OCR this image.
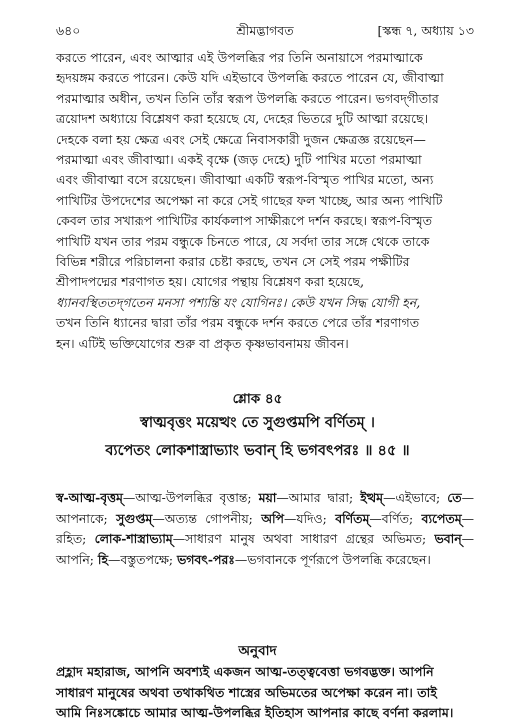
৬৪০	শ্রীমদ্ভাগবত	[স্কন্ধ ৭, অধ্যায় ১৩

করতে পারেন, এবং আত্মার এই উপলব্ধির পর তিনি অনায়াসে পরমাত্মাকে

হৃদয়ঙ্গম করতে পারেন। কেউ যদি এইভাবে উপলব্ধি করতে পারেন যে, জীবাত্মা

পরমাত্মার অধীন, তখন তিনি তাঁর স্বরূপ উপলব্ধি করতে পারেন। ভগবদ্‌গীতার

ত্রয়োদশ অধ্যায়ে বিশ্লেষণ করা হয়েছে যে, দেহের ভিতরে দুটি আত্মা রয়েছে।

দেহকে বলা হয় ক্ষেত্র এবং সেই ক্ষেত্রে নিবাসকারী দুজন ক্ষেত্রজ্ঞ রয়েছেন—

পরমাত্মা এবং জীবাত্মা। একই বৃক্ষে (জড় দেহে) দুটি পাখির মতো পরমাত্মা

এবং জীবাত্মা বসে রয়েছেন। জীবাত্মা একটি স্বরূপ-বিস্মৃত পাখির মতো, অন্য

পাখিটির উপদেশের অপেক্ষা না করে সেই গাছের ফল খাচ্ছে, আর অন্য পাখিটি

কেবল তার সখারূপ পাখিটির কার্যকলাপ সাক্ষীরূপে দর্শন করছে। স্বরূপ-বিস্মৃত

পাখিটি যখন তার পরম বন্ধুকে চিনতে পারে, যে সর্বদা তার সঙ্গে থেকে তাকে

বিভিন্ন শরীরে পরিচালনা করার চেষ্টা করছে, তখন সে সেই পরম পক্ষীটির

শ্রীপাদপদ্মের শরণাগত হয়। যোগের পন্থায় বিশ্লেষণ করা হয়েছে,

ধ্যানবস্থিততদ্‌গতেন মনসা পশ্যন্তি যং যোগিনঃ। কেউ যখন সিদ্ধ যোগী হন,

তখন তিনি ধ্যানের দ্বারা তাঁর পরম বন্ধুকে দর্শন করতে পেরে তাঁর শরণাগত

হন। এটিই ভক্তিযোগের শুরু বা প্রকৃত কৃষ্ণভাবনাময় জীবন।

শ্লোক ৪৫
স্বাত্মবৃত্তং ময়েত্থং তে সুগুপ্তমপি বর্ণিতম্‌ ।
ব্যপেতং লোকশাস্ত্রাভ্যাং ভবান্‌ হি ভগবৎপরঃ ॥ ৪৫ ॥

স্ব-আত্ম-বৃত্তম্‌—আত্ম-উপলব্ধির বৃত্তান্ত; ময়া—আমার দ্বারা; ইত্থম্‌—এইভাবে; তে—আপনাকে; সুগুপ্তম্‌—অত্যন্ত গোপনীয়; অপি—যদিও; বর্ণিতম্‌—বর্ণিত; ব্যপেতম্‌—রহিত; লোক-শাস্ত্রাভ্যাম্‌—সাধারণ মানুষ অথবা সাধারণ গ্রন্থের অভিমত; ভবান্‌—আপনি; হি—বস্তুতপক্ষে; ভগবৎ-পরঃ—ভগবানকে পূর্ণরূপে উপলব্ধি করেছেন।

অনুবাদ
প্রহ্লাদ মহারাজ, আপনি অবশ্যই একজন আত্ম-তত্ত্ববেত্তা ভগবদ্ভক্ত। আপনি
সাধারণ মানুষের অথবা তথাকথিত শাস্ত্রের অভিমতের অপেক্ষা করেন না। তাই
আমি নিঃসঙ্কোচে আমার আত্ম-উপলব্ধির ইতিহাস আপনার কাছে বর্ণনা করলাম।
